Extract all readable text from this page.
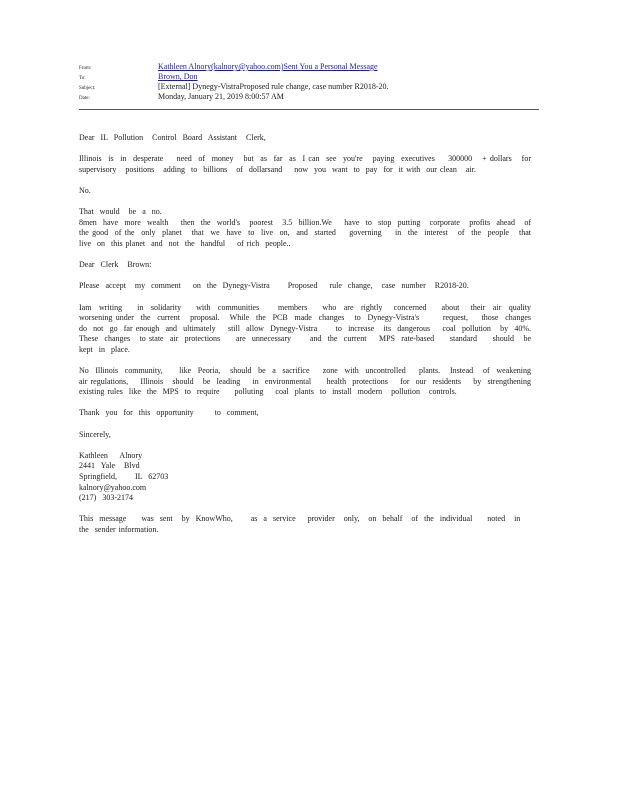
From:	Kathleen Alnory(kalnory@yahoo.com)Sent You a Personal Message
To:	Brown, Don
Subject:	[External] Dynegy-VistraProposed rule change, case number R2018-20.
Date:	Monday, January 21, 2019 8:00:57 AM

Dear  IL  Pollution   Control  Board  Assistant   Clerk,

Illinois  is  in  desperate    need  of  money   but  as  far  as  I can  see  you're   paying  executives    300000   + dollars   for supervisory   positions   adding  to  billions   of  dollarsand    now  you  want  to  pay  for  it with  our clean   air.

No.

That  would   be  a  no.
8men  have  more  wealth    then  the  world's   poorest   3.5  billion.We    have  to  stop  putting   corporate   profits  ahead   of the good  of the  only  planet   that  we  have  to  live  on,  and  started    governing    in  the  interest   of  the  people   that  live  on  this planet  and  not  the  handful    of rich  people..

Dear  Clerk   Brown:

Please  accept   my  comment    on  the  Dynegy-Vistra      Proposed    rule  change,   case  number   R2018-20.

Iam  writing    in  solidarity    with  communities     members    who  are  rightly   concerned    about   their  air  quality   worsening under  the  current   proposal.   While  the  PCB  made  changes   to  Dynegy-Vistra's       request,    those  changes    do  not  go  far enough  and  ultimately    still  allow  Dynegy-Vistra      to  increase   its  dangerous    coal  pollution   by  40%.  These  changes   to state  air  protections     are  unnecessary      and  the  current    MPS  rate-based     standard     should   be  kept  in  place.

No  Illinois  community,     like  Peoria,   should  be  a  sacrifice    zone  with  uncontrolled    plants.   Instead   of  weakening     air regulations,    Illinois   should   be  leading    in  environmental     health  protections    for  our  residents    by  strengthening      existing rules  like  the  MPS  to  require     polluting    coal  plants  to  install  modern   pollution   controls.

Thank  you  for  this  opportunity       to  comment,

Sincerely,

Kathleen    Alnory
2441  Yale   Blvd
Springfield,      IL  62703
kalnory@yahoo.com
(217)  303-2174

This  message     was  sent   by  KnowWho,      as  a  service    provider   only,   on  behalf   of  the  individual     noted   in  the  sender information.
